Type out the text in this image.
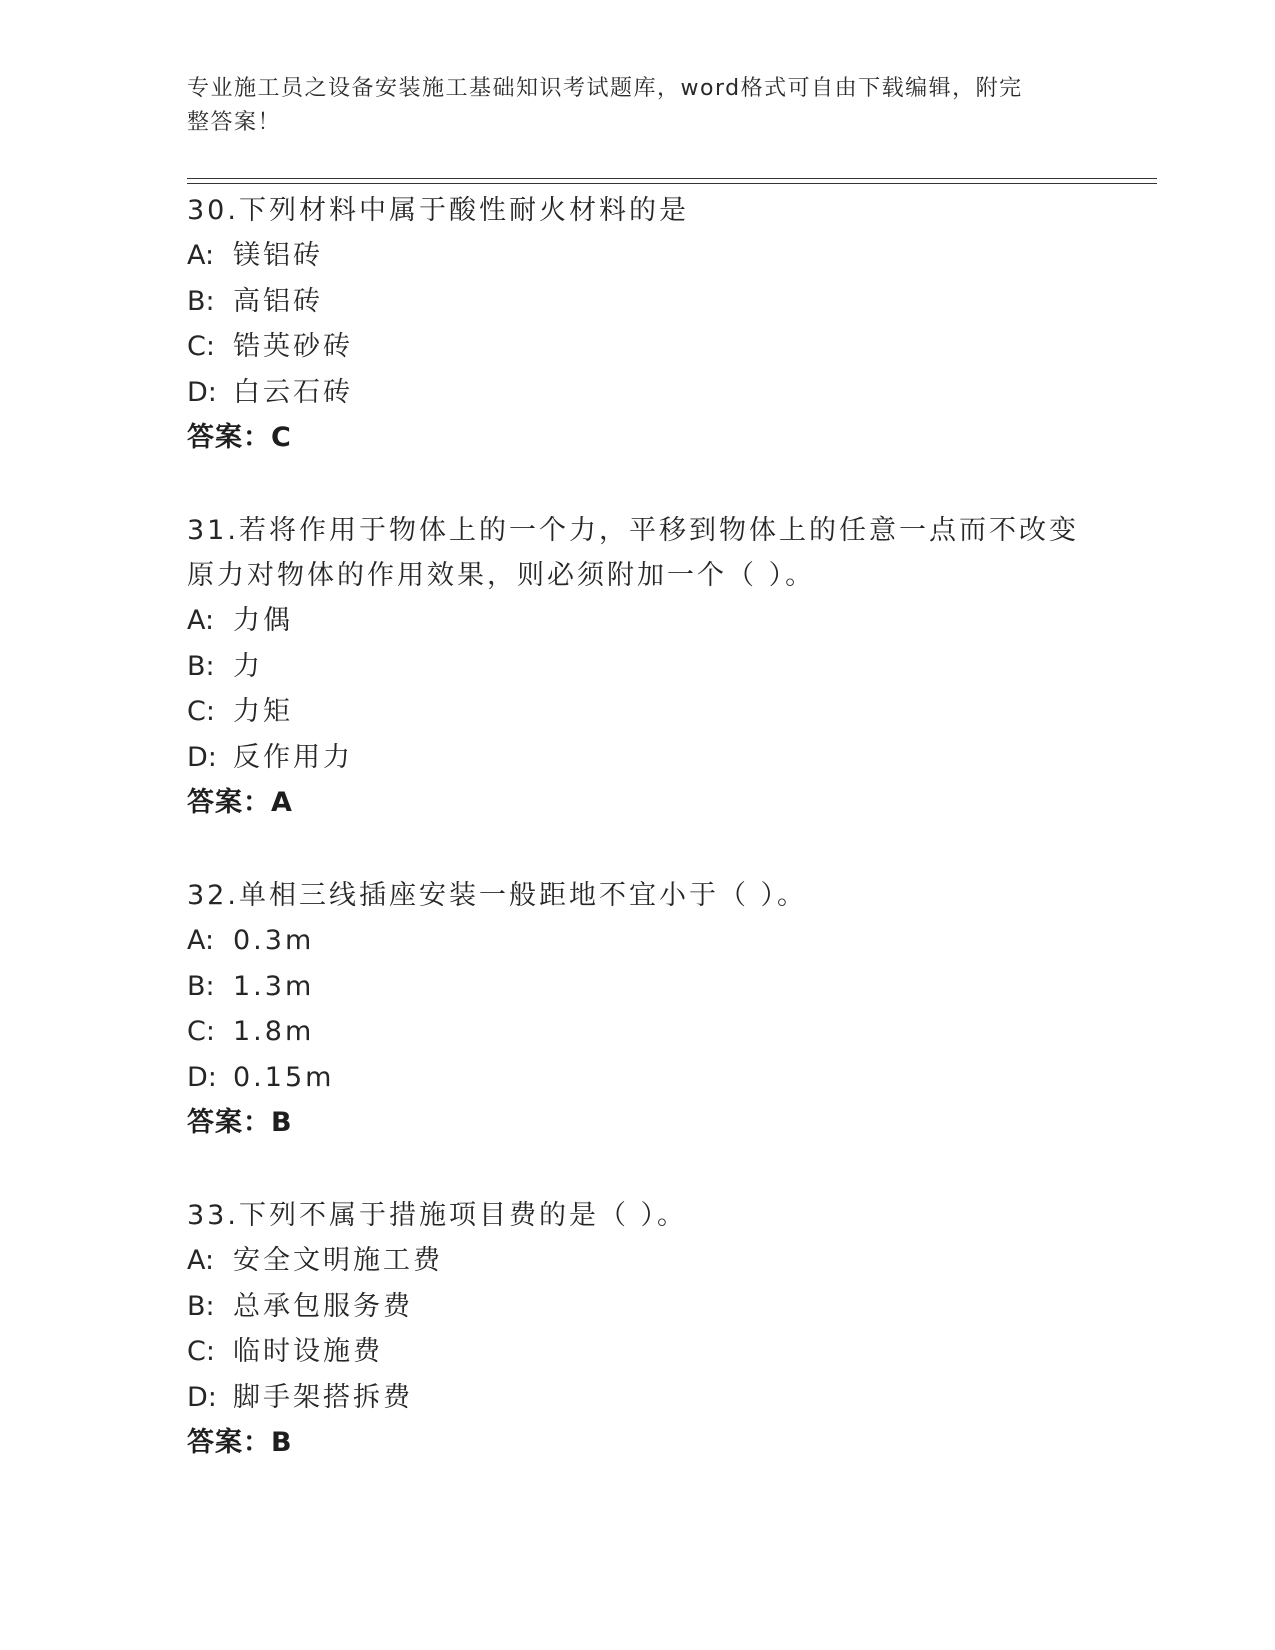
专业施工员之设备安装施工基础知识考试题库，word格式可自由下载编辑，附完
整答案！
30.下列材料中属于酸性耐火材料的是
A: 镁铝砖
B: 高铝砖
C: 锆英砂砖
D: 白云石砖
答案：C
31.若将作用于物体上的一个力，平移到物体上的任意一点而不改变原力对物体的作用效果，则必须附加一个（ ）。
A: 力偶
B: 力
C: 力矩
D: 反作用力
答案：A
32.单相三线插座安装一般距地不宜小于（ ）。
A: 0.3m
B: 1.3m
C: 1.8m
D: 0.15m
答案：B
33.下列不属于措施项目费的是（ ）。
A: 安全文明施工费
B: 总承包服务费
C: 临时设施费
D: 脚手架搭拆费
答案：B
